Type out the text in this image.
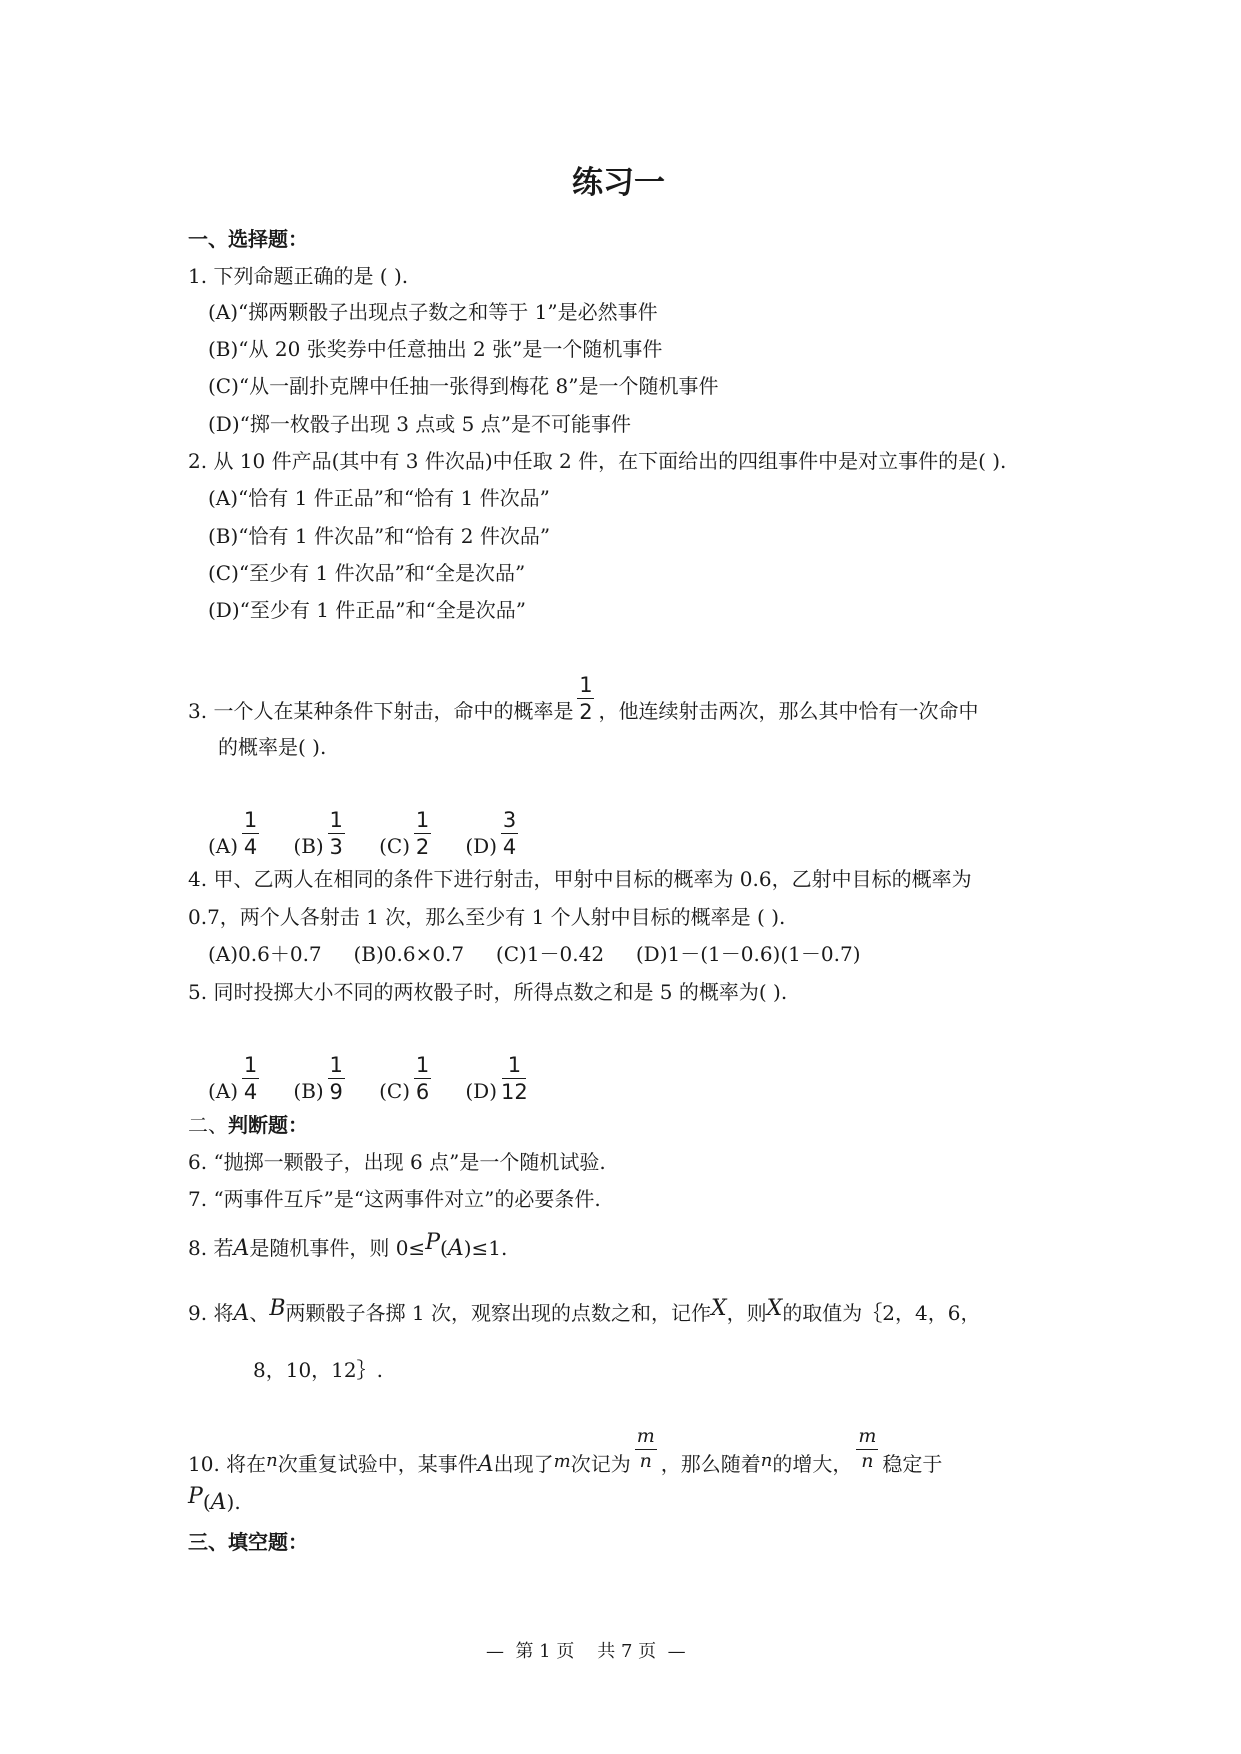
练习一
一、选择题：
1. 下列命题正确的是 ( ).
(A)“掷两颗骰子出现点子数之和等于 1”是必然事件
(B)“从 20 张奖券中任意抽出 2 张”是一个随机事件
(C)“从一副扑克牌中任抽一张得到梅花 8”是一个随机事件
(D)“掷一枚骰子出现 3 点或 5 点”是不可能事件
2. 从 10 件产品(其中有 3 件次品)中任取 2 件，在下面给出的四组事件中是对立事件的是( ).
(A)“恰有 1 件正品”和“恰有 1 件次品”
(B)“恰有 1 件次品”和“恰有 2 件次品”
(C)“至少有 1 件次品”和“全是次品”
(D)“至少有 1 件正品”和“全是次品”
3. 一个人在某种条件下射击，命中的概率是 $\frac{1}{2}$ ，他连续射击两次，那么其中恰有一次命中
的概率是( ).
$(A) \frac{1}{4} (B) \frac{1}{3} (C) \frac{1}{2} (D) \frac{3}{4}$
4. 甲、乙两人在相同的条件下进行射击，甲射中目标的概率为 0.6，乙射中目标的概率为
0.7，两个人各射击 1 次，那么至少有 1 个人射中目标的概率是 ( ).
(A)0.6＋0.7     (B)0.6×0.7     (C)1－0.42     (D)1－(1－0.6)(1－0.7)
5. 同时投掷大小不同的两枚骰子时，所得点数之和是 5 的概率为( ).
$(A) \frac{1}{4} (B) \frac{1}{9} (C) \frac{1}{6} (D) \frac{1}{12}$
二、判断题：
6. “抛掷一颗骰子，出现 6 点”是一个随机试验.
7. “两事件互斥”是“这两事件对立”的必要条件.
8. 若A是随机事件，则 0≤P(A)≤1.
9. 将A、B两颗骰子各掷 1 次，观察出现的点数之和，记作X，则X的取值为｛2，4，6，
8，10，12｝.
10. 将在n次重复试验中，某事件A出现了m次记为 $\frac{m}{n}$ ，那么随着n的增大， $\frac{m}{n}$ 稳定于
P(A).
三、填空题：
—  第 1 页    共 7 页  —
